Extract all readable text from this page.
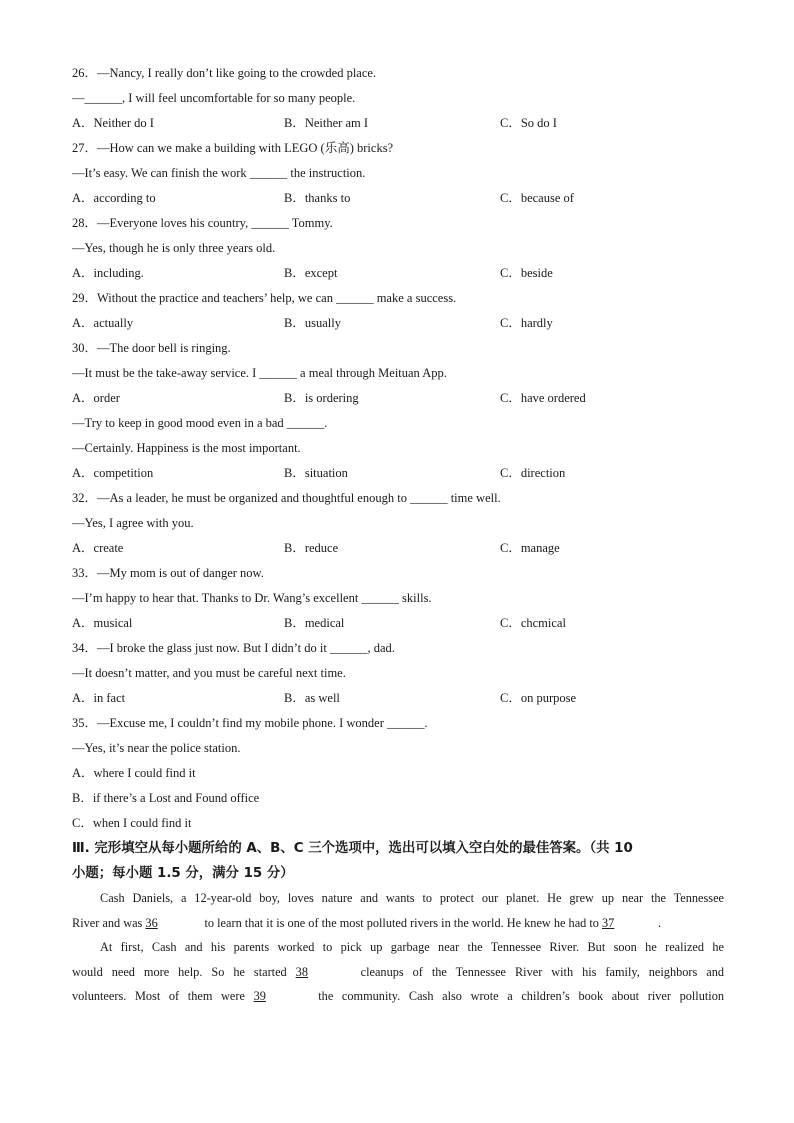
26．—Nancy, I really don’t like going to the crowded place.
—______, I will feel uncomfortable for so many people.
A．Neither do I	B．Neither am I	C．So do I
27．—How can we make a building with LEGO (乐高) bricks?
—It’s easy. We can finish the work ______ the instruction.
A．according to	B．thanks to	C．because of
28．—Everyone loves his country, ______ Tommy.
—Yes, though he is only three years old.
A．including.	B．except	C．beside
29．Without the practice and teachers’ help, we can ______ make a success.
A．actually	B．usually	C．hardly
30．—The door bell is ringing.
—It must be the take-away service. I ______ a meal through Meituan App.
A．order	B．is ordering	C．have ordered
—Try to keep in good mood even in a bad ______.
—Certainly. Happiness is the most important.
A．competition	B．situation	C．direction
32．—As a leader, he must be organized and thoughtful enough to ______ time well.
—Yes, I agree with you.
A．create	B．reduce	C．manage
33．—My mom is out of danger now.
—I’m happy to hear that. Thanks to Dr. Wang’s excellent ______ skills.
A．musical	B．medical	C．chcmical
34．—I broke the glass just now. But I didn’t do it ______, dad.
—It doesn’t matter, and you must be careful next time.
A．in fact	B．as well	C．on purpose
35．—Excuse me, I couldn’t find my mobile phone. I wonder ______.
—Yes, it’s near the police station.
A．where I could find it
B．if there’s a Lost and Found office
C．when I could find it
Ⅲ. 完形填空从每小题所给的 A、B、C 三个选项中，选出可以填入空白处的最佳答案。（共 10
小题；每小题 1.5 分，满分 15 分）
Cash Daniels, a 12-year-old boy, loves nature and wants to protect our planet. He grew up near the Tennessee
River and was 36	to learn that it is one of the most polluted rivers in the world. He knew he had to 37	.
At first, Cash and his parents worked to pick up garbage near the Tennessee River. But soon he realized he
would need more help. So he started 38	cleanups of the Tennessee River with his family, neighbors and
volunteers. Most of them were 39	the community. Cash also wrote a children’s book about river pollution
